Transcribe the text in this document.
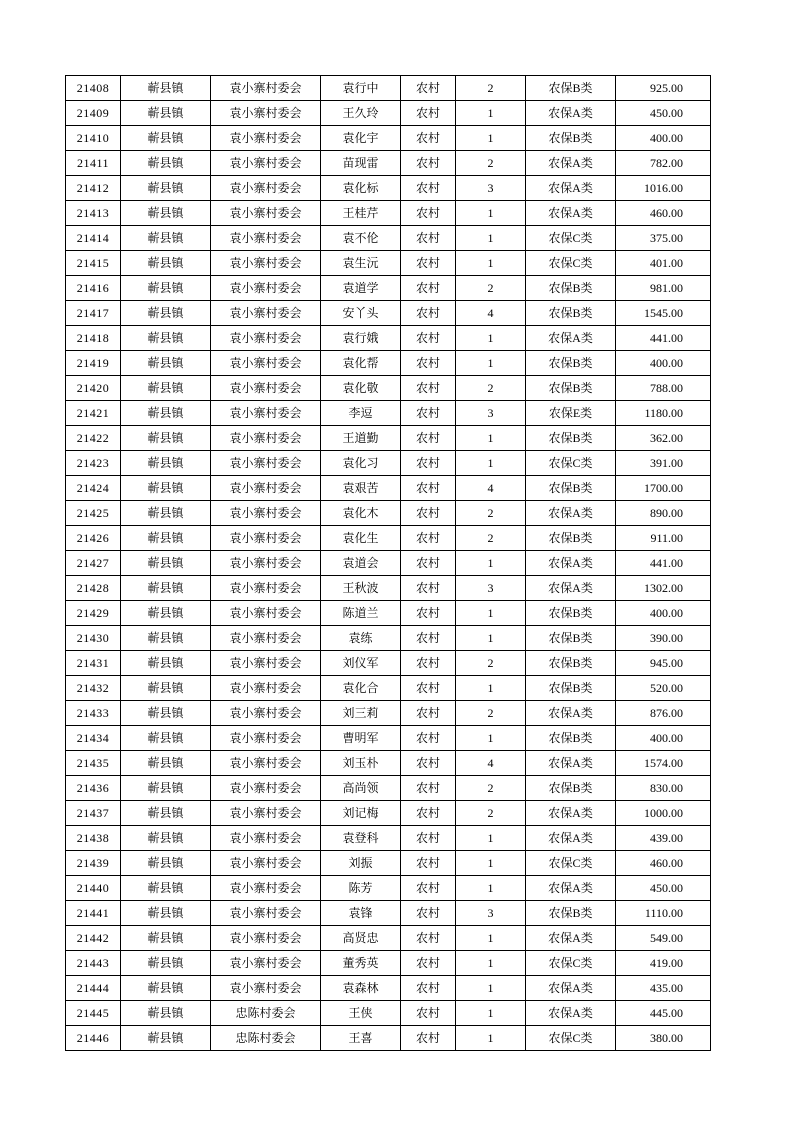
21408	蕲县镇	袁小寨村委会	袁行中	农村	2	农保B类	925.00
21409	蕲县镇	袁小寨村委会	王久玲	农村	1	农保A类	450.00
21410	蕲县镇	袁小寨村委会	袁化宇	农村	1	农保B类	400.00
21411	蕲县镇	袁小寨村委会	苗现雷	农村	2	农保A类	782.00
21412	蕲县镇	袁小寨村委会	袁化标	农村	3	农保A类	1016.00
21413	蕲县镇	袁小寨村委会	王桂芹	农村	1	农保A类	460.00
21414	蕲县镇	袁小寨村委会	袁不伦	农村	1	农保C类	375.00
21415	蕲县镇	袁小寨村委会	袁生沅	农村	1	农保C类	401.00
21416	蕲县镇	袁小寨村委会	袁道学	农村	2	农保B类	981.00
21417	蕲县镇	袁小寨村委会	安丫头	农村	4	农保B类	1545.00
21418	蕲县镇	袁小寨村委会	袁行娥	农村	1	农保A类	441.00
21419	蕲县镇	袁小寨村委会	袁化帮	农村	1	农保B类	400.00
21420	蕲县镇	袁小寨村委会	袁化敬	农村	2	农保B类	788.00
21421	蕲县镇	袁小寨村委会	李逗	农村	3	农保E类	1180.00
21422	蕲县镇	袁小寨村委会	王道勤	农村	1	农保B类	362.00
21423	蕲县镇	袁小寨村委会	袁化习	农村	1	农保C类	391.00
21424	蕲县镇	袁小寨村委会	袁艰苦	农村	4	农保B类	1700.00
21425	蕲县镇	袁小寨村委会	袁化木	农村	2	农保A类	890.00
21426	蕲县镇	袁小寨村委会	袁化生	农村	2	农保B类	911.00
21427	蕲县镇	袁小寨村委会	袁道会	农村	1	农保A类	441.00
21428	蕲县镇	袁小寨村委会	王秋波	农村	3	农保A类	1302.00
21429	蕲县镇	袁小寨村委会	陈道兰	农村	1	农保B类	400.00
21430	蕲县镇	袁小寨村委会	袁练	农村	1	农保B类	390.00
21431	蕲县镇	袁小寨村委会	刘仪军	农村	2	农保B类	945.00
21432	蕲县镇	袁小寨村委会	袁化合	农村	1	农保B类	520.00
21433	蕲县镇	袁小寨村委会	刘三莉	农村	2	农保A类	876.00
21434	蕲县镇	袁小寨村委会	曹明军	农村	1	农保B类	400.00
21435	蕲县镇	袁小寨村委会	刘玉朴	农村	4	农保A类	1574.00
21436	蕲县镇	袁小寨村委会	高尚领	农村	2	农保B类	830.00
21437	蕲县镇	袁小寨村委会	刘记梅	农村	2	农保A类	1000.00
21438	蕲县镇	袁小寨村委会	袁登科	农村	1	农保A类	439.00
21439	蕲县镇	袁小寨村委会	刘振	农村	1	农保C类	460.00
21440	蕲县镇	袁小寨村委会	陈芳	农村	1	农保A类	450.00
21441	蕲县镇	袁小寨村委会	袁锋	农村	3	农保B类	1110.00
21442	蕲县镇	袁小寨村委会	高贤忠	农村	1	农保A类	549.00
21443	蕲县镇	袁小寨村委会	董秀英	农村	1	农保C类	419.00
21444	蕲县镇	袁小寨村委会	袁森林	农村	1	农保A类	435.00
21445	蕲县镇	忠陈村委会	王侠	农村	1	农保A类	445.00
21446	蕲县镇	忠陈村委会	王喜	农村	1	农保C类	380.00
